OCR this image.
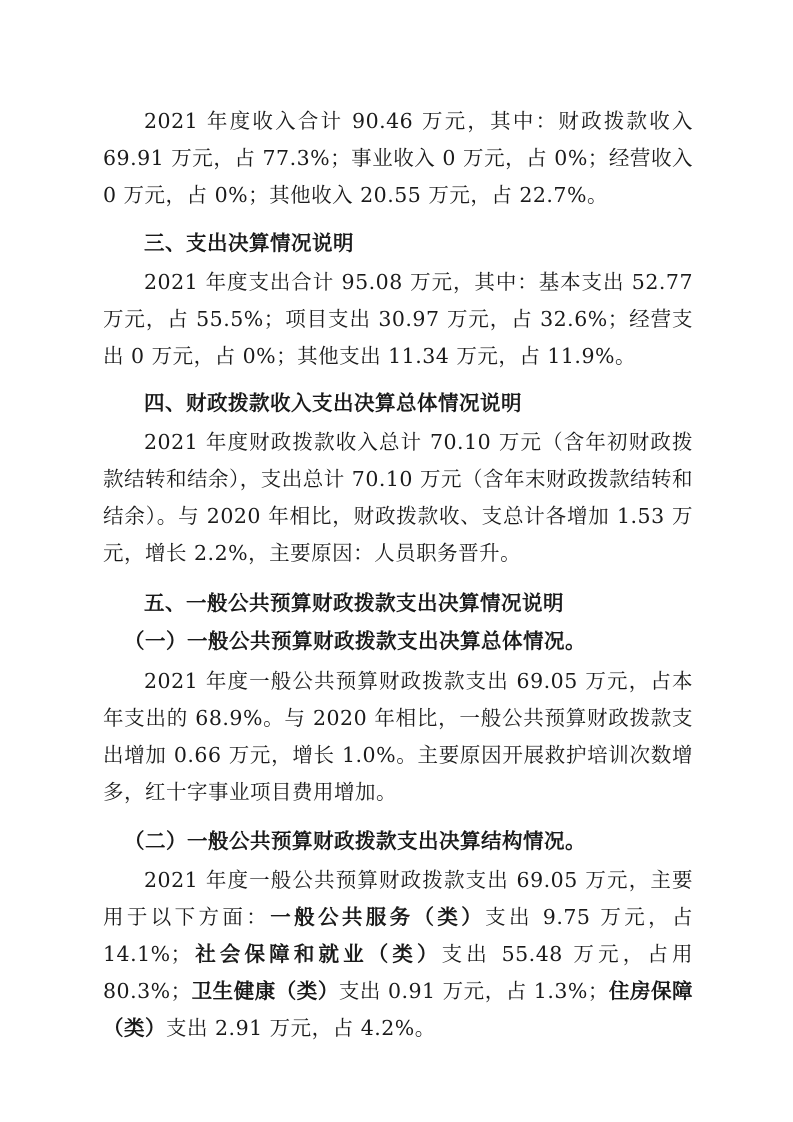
2021 年度收入合计 90.46 万元，其中：财政拨款收入 69.91 万元，占 77.3%；事业收入 0 万元，占 0%；经营收入 0 万元，占 0%；其他收入 20.55 万元，占 22.7%。
三、支出决算情况说明
2021 年度支出合计 95.08 万元，其中：基本支出 52.77 万元，占 55.5%；项目支出 30.97 万元，占 32.6%；经营支出 0 万元，占 0%；其他支出 11.34 万元，占 11.9%。
四、财政拨款收入支出决算总体情况说明
2021 年度财政拨款收入总计 70.10 万元（含年初财政拨款结转和结余），支出总计 70.10 万元（含年末财政拨款结转和结余）。与 2020 年相比，财政拨款收、支总计各增加 1.53 万元，增长 2.2%，主要原因：人员职务晋升。
五、一般公共预算财政拨款支出决算情况说明
（一）一般公共预算财政拨款支出决算总体情况。
2021 年度一般公共预算财政拨款支出 69.05 万元，占本年支出的 68.9%。与 2020 年相比，一般公共预算财政拨款支出增加 0.66 万元，增长 1.0%。主要原因开展救护培训次数增多，红十字事业项目费用增加。
（二）一般公共预算财政拨款支出决算结构情况。
2021 年度一般公共预算财政拨款支出 69.05 万元，主要用于以下方面：一般公共服务（类）支出 9.75 万元，占 14.1%；社会保障和就业（类）支出 55.48 万元，占用 80.3%；卫生健康（类）支出 0.91 万元，占 1.3%；住房保障（类）支出 2.91 万元，占 4.2%。
